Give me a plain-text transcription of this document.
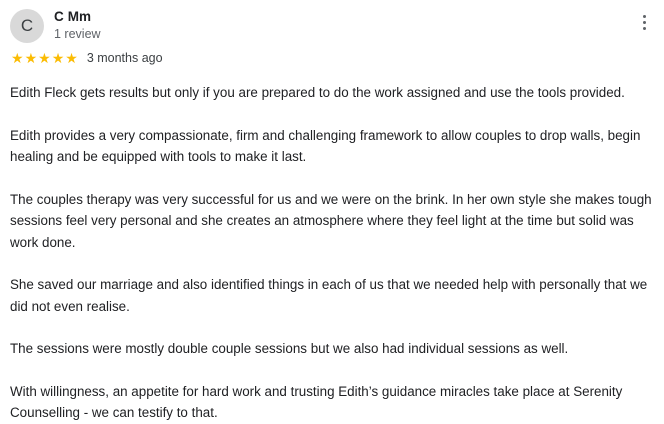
C	C Mm
1 review
★ ★ ★ ★ ★ 3 months ago

Edith Fleck gets results but only if you are prepared to do the work assigned and use the tools provided.

Edith provides a very compassionate, firm and challenging framework to allow couples to drop walls, begin healing and be equipped with tools to make it last.

The couples therapy was very successful for us and we were on the brink. In her own style she makes tough sessions feel very personal and she creates an atmosphere where they feel light at the time but solid was work done.

She saved our marriage and also identified things in each of us that we needed help with personally that we did not even realise.

The sessions were mostly double couple sessions but we also had individual sessions as well.

With willingness, an appetite for hard work and trusting Edith’s guidance miracles take place at Serenity Counselling - we can testify to that.
